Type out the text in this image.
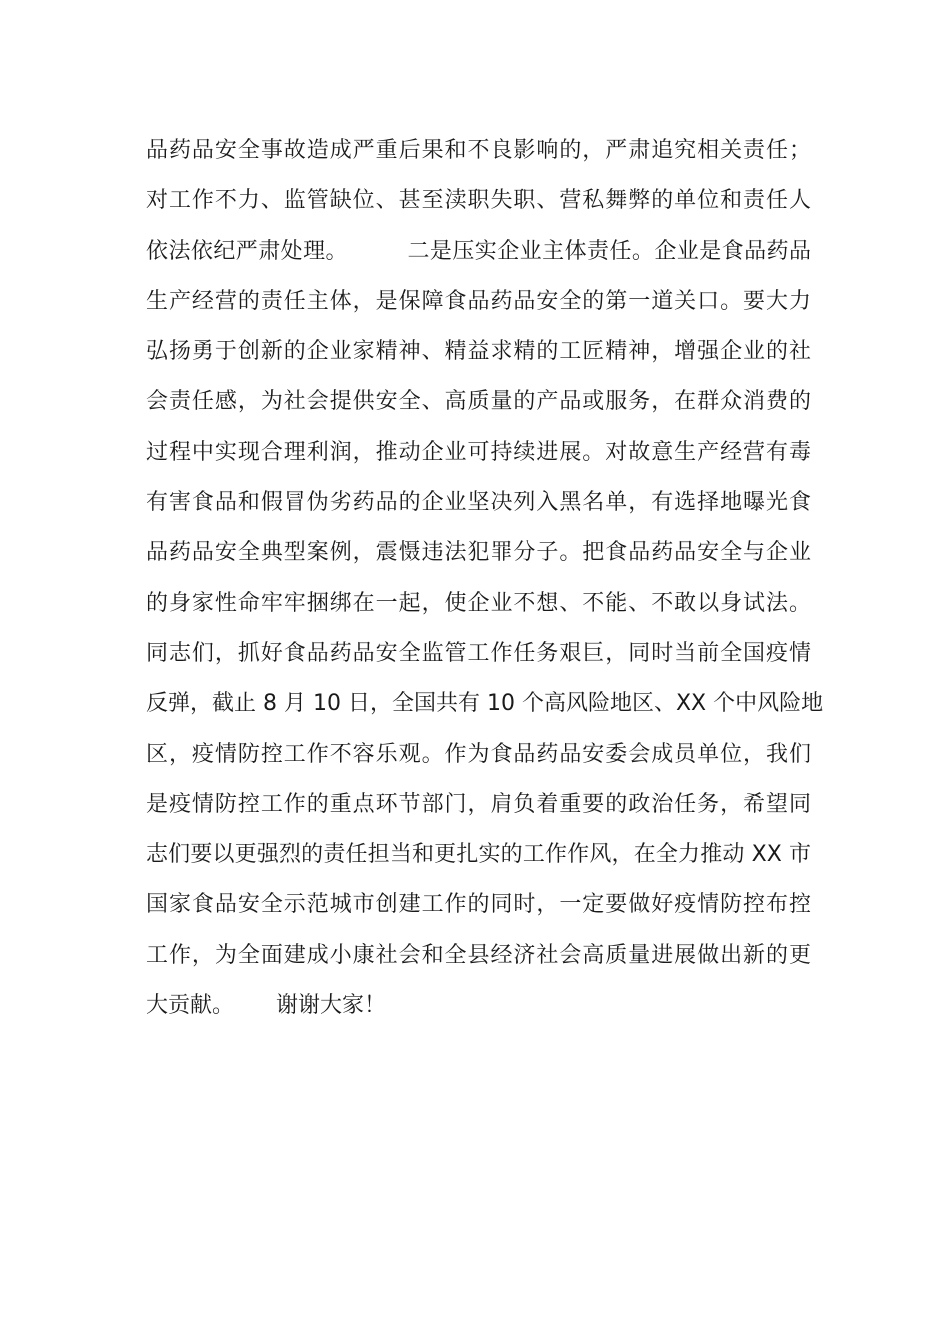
品药品安全事故造成严重后果和不良影响的，严肃追究相关责任；
对工作不力、监管缺位、甚至渎职失职、营私舞弊的单位和责任人
依法依纪严肃处理。        二是压实企业主体责任。企业是食品药品
生产经营的责任主体，是保障食品药品安全的第一道关口。要大力
弘扬勇于创新的企业家精神、精益求精的工匠精神，增强企业的社
会责任感，为社会提供安全、高质量的产品或服务，在群众消费的
过程中实现合理利润，推动企业可持续进展。对故意生产经营有毒
有害食品和假冒伪劣药品的企业坚决列入黑名单，有选择地曝光食
品药品安全典型案例，震慑违法犯罪分子。把食品药品安全与企业
的身家性命牢牢捆绑在一起，使企业不想、不能、不敢以身试法。
同志们，抓好食品药品安全监管工作任务艰巨，同时当前全国疫情
反弹，截止 8 月 10 日，全国共有 10 个高风险地区、XX 个中风险地
区，疫情防控工作不容乐观。作为食品药品安委会成员单位，我们
是疫情防控工作的重点环节部门，肩负着重要的政治任务，希望同
志们要以更强烈的责任担当和更扎实的工作作风，在全力推动 XX 市
国家食品安全示范城市创建工作的同时，一定要做好疫情防控布控
工作，为全面建成小康社会和全县经济社会高质量进展做出新的更
大贡献。      谢谢大家！
